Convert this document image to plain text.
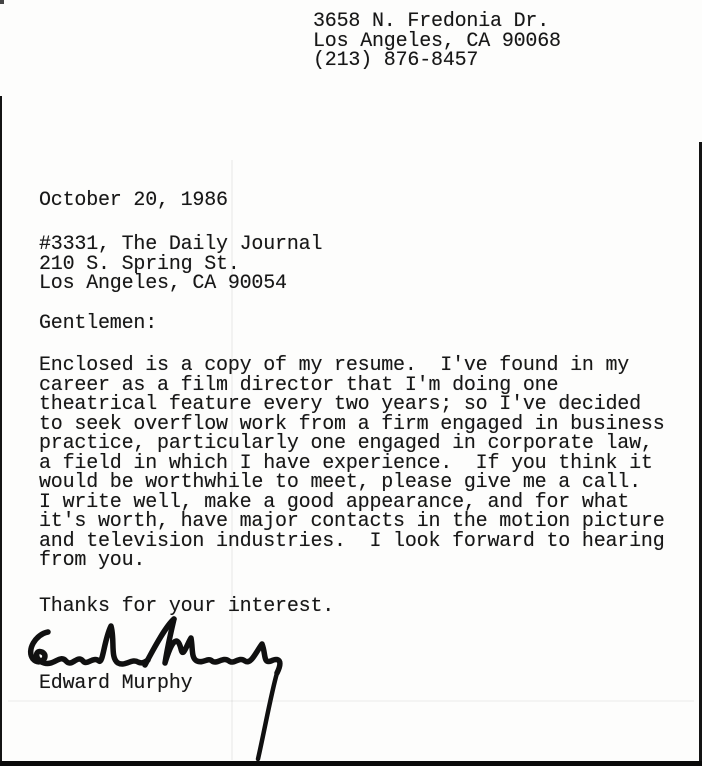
3658 N. Fredonia Dr.
Los Angeles, CA 90068
(213) 876-8457
October 20, 1986
#3331, The Daily Journal
210 S. Spring St.
Los Angeles, CA 90054
Gentlemen:
Enclosed is a copy of my resume.  I've found in my
career as a film director that I'm doing one
theatrical feature every two years; so I've decided
to seek overflow work from a firm engaged in business
practice, particularly one engaged in corporate law,
a field in which I have experience.  If you think it
would be worthwhile to meet, please give me a call.
I write well, make a good appearance, and for what
it's worth, have major contacts in the motion picture
and television industries.  I look forward to hearing
from you.
Thanks for your interest.
Edward Murphy
